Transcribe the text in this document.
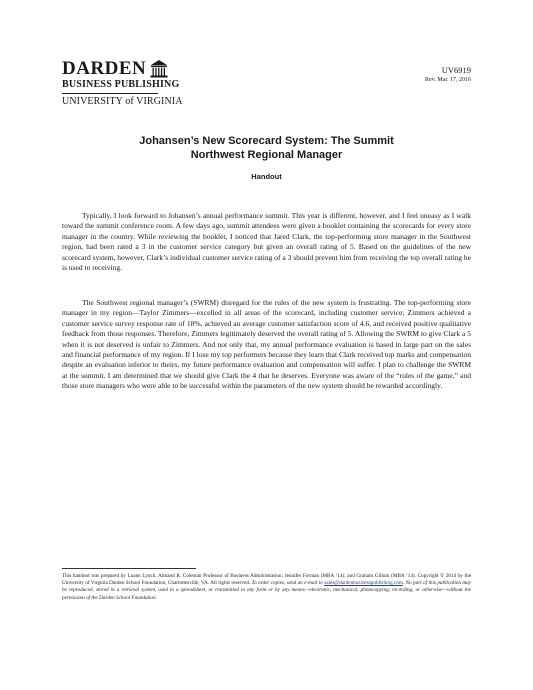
DARDEN
BUSINESS PUBLISHING
UNIVERSITY of VIRGINIA
UV6919
Rev. Mar. 17, 2016
Johansen’s New Scorecard System: The Summit
Northwest Regional Manager
Handout

Typically, I look forward to Johansen’s annual performance summit. This year is different, however, and I feel uneasy as I walk toward the summit conference room. A few days ago, summit attendees were given a booklet containing the scorecards for every store manager in the country. While reviewing the booklet, I noticed that Jared Clark, the top-performing store manager in the Southwest region, had been rated a 3 in the customer service category but given an overall rating of 5. Based on the guidelines of the new scorecard system, however, Clark’s individual customer service rating of a 3 should prevent him from receiving the top overall rating he is used to receiving.

The Southwest regional manager’s (SWRM) disregard for the rules of the new system is frustrating. The top-performing store manager in my region—Taylor Zimmers—excelled in all areas of the scorecard, including customer service; Zimmers achieved a customer service survey response rate of 18%, achieved an average customer satisfaction score of 4.6, and received positive qualitative feedback from those responses. Therefore, Zimmers legitimately deserved the overall rating of 5. Allowing the SWRM to give Clark a 5 when it is not deserved is unfair to Zimmers. And not only that, my annual performance evaluation is based in large part on the sales and financial performance of my region. If I lose my top performers because they learn that Clark received top marks and compensation despite an evaluation inferior to theirs, my future performance evaluation and compensation will suffer. I plan to challenge the SWRM at the summit. I am determined that we should give Clark the 4 that he deserves. Everyone was aware of the “rules of the game,” and those store managers who were able to be successful within the parameters of the new system should be rewarded accordingly.

This handout was prepared by Luann Lynch, Almand R. Coleman Professor of Business Administration; Jennifer Forman (MBA ’14); and Graham Gillum (MBA ’14). Copyright © 2014 by the University of Virginia Darden School Foundation, Charlottesville, VA. All rights reserved. To order copies, send an e-mail to sales@dardenbusinesspublishing.com. No part of this publication may be reproduced, stored in a retrieval system, used in a spreadsheet, or transmitted in any form or by any means—electronic, mechanical, photocopying, recording, or otherwise—without the permission of the Darden School Foundation.
